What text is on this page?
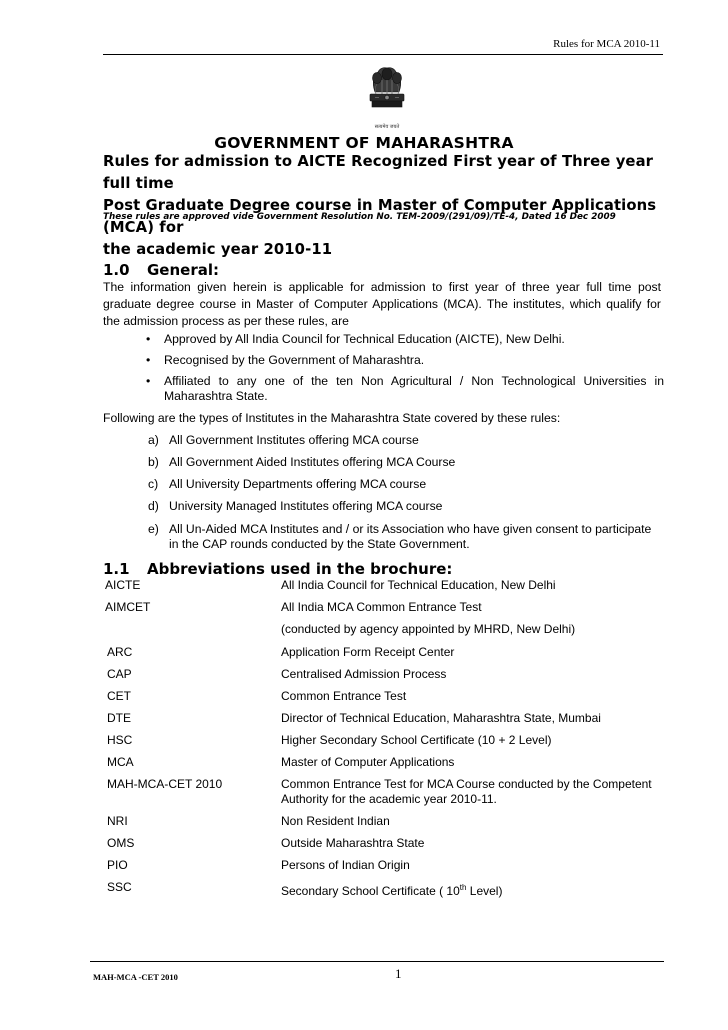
Rules for MCA 2010-11
सत्यमेव जयते
GOVERNMENT OF MAHARASHTRA
Rules for admission to AICTE Recognized First year of Three year full time
Post Graduate Degree course in Master of Computer Applications (MCA) for
the academic year 2010-11
These rules are approved vide Government Resolution No. TEM-2009/(291/09)/TE-4, Dated 16 Dec 2009
1.0 General:
The information given herein is applicable for admission to first year of three year full time post
graduate degree course in Master of Computer Applications (MCA). The institutes, which qualify for
the admission process as per these rules, are
• Approved by All India Council for Technical Education (AICTE), New Delhi.
• Recognised by the Government of Maharashtra.
• Affiliated to any one of the ten Non Agricultural / Non Technological Universities in
Maharashtra State.
Following are the types of Institutes in the Maharashtra State covered by these rules:
a) All Government Institutes offering MCA course
b) All Government Aided Institutes offering MCA Course
c) All University Departments offering MCA course
d) University Managed Institutes offering MCA course
e) All Un-Aided MCA Institutes and / or its Association who have given consent to participate
in the CAP rounds conducted by the State Government.
1.1 Abbreviations used in the brochure:
AICTE	All India Council for Technical Education, New Delhi
AIMCET	All India MCA Common Entrance Test
(conducted by agency appointed by MHRD, New Delhi)
ARC	Application Form Receipt Center
CAP	Centralised Admission Process
CET	Common Entrance Test
DTE	Director of Technical Education, Maharashtra State, Mumbai
HSC	Higher Secondary School Certificate (10 + 2 Level)
MCA	Master of Computer Applications
MAH-MCA-CET 2010	Common Entrance Test for MCA Course conducted by the Competent
Authority for the academic year 2010-11.
NRI	Non Resident Indian
OMS	Outside Maharashtra State
PIO	Persons of Indian Origin
SSC	Secondary School Certificate ( 10th Level)
MAH-MCA -CET 2010	1
